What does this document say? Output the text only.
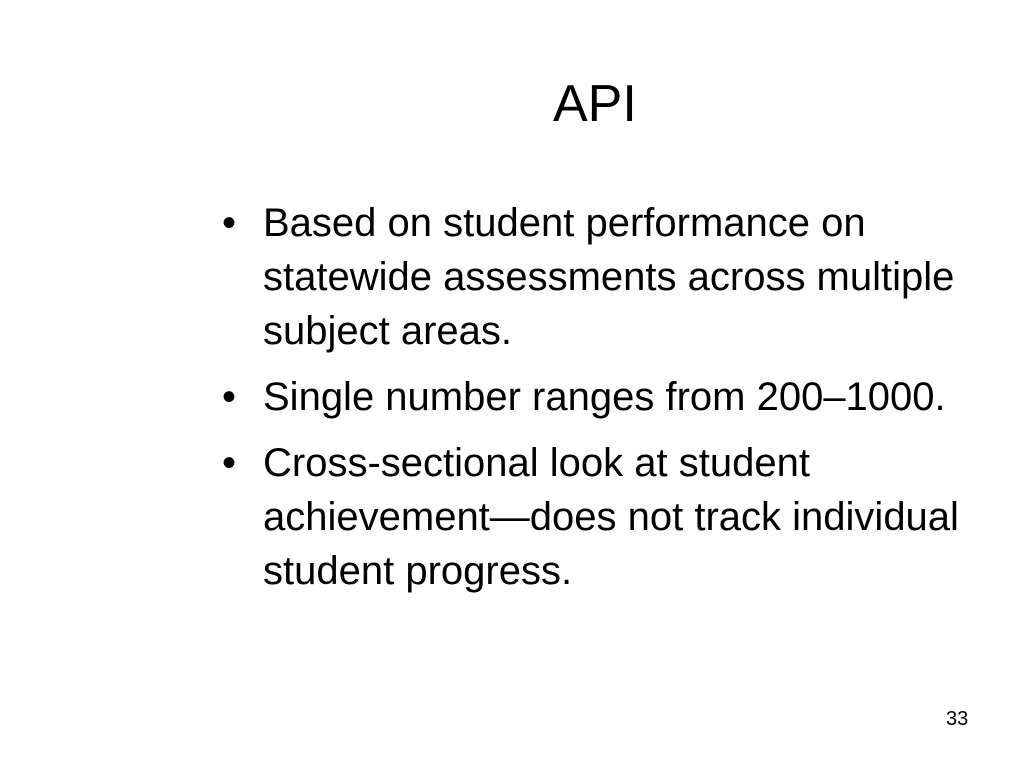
API
• Based on student performance on statewide assessments across multiple subject areas.
• Single number ranges from 200–1000.
• Cross-sectional look at student achievement—does not track individual student progress.
33
